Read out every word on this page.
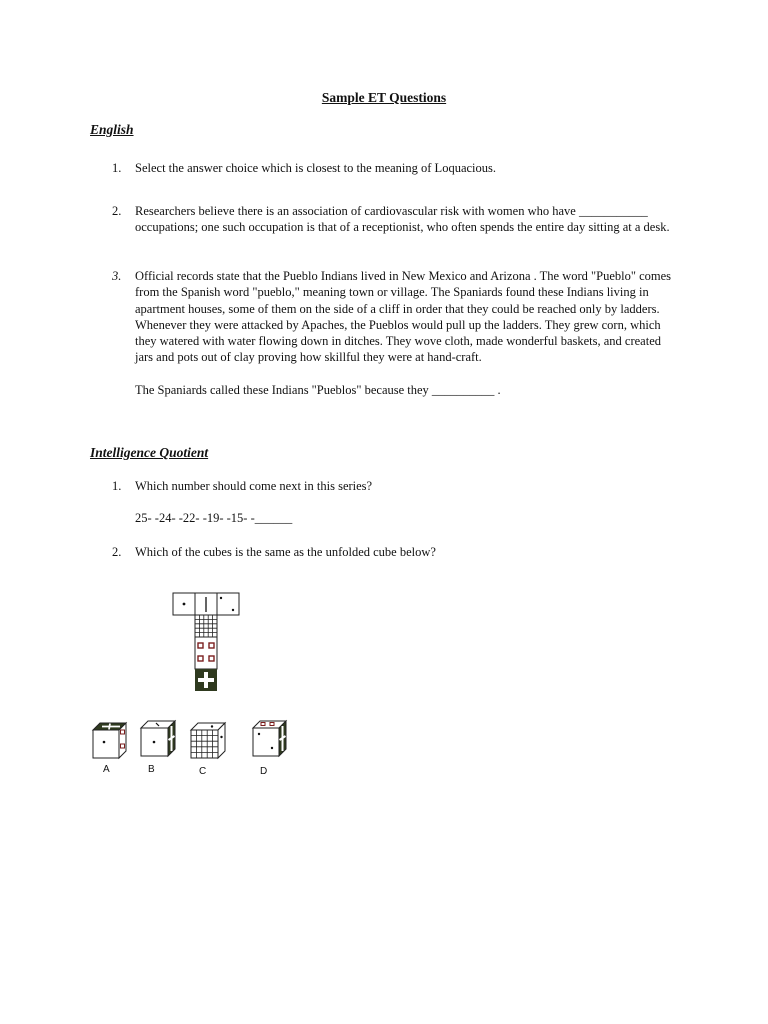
Sample ET Questions
English
1.	Select the answer choice which is closest to the meaning of Loquacious.
2.	Researchers believe there is an association of cardiovascular risk with women who have ___________ occupations; one such occupation is that of a receptionist, who often spends the entire day sitting at a desk.
3.	Official records state that the Pueblo Indians lived in New Mexico and Arizona . The word "Pueblo" comes from the Spanish word "pueblo," meaning town or village. The Spaniards found these Indians living in apartment houses, some of them on the side of a cliff in order that they could be reached only by ladders. Whenever they were attacked by Apaches, the Pueblos would pull up the ladders. They grew corn, which they watered with water flowing down in ditches. They wove cloth, made wonderful baskets, and created jars and pots out of clay proving how skillful they were at hand-craft.
The Spaniards called these Indians "Pueblos" because they __________ .
Intelligence Quotient
1.	Which number should come next in this series?
25- -24- -22- -19- -15- -______
2.	Which of the cubes is the same as the unfolded cube below?
A	B	C	D
